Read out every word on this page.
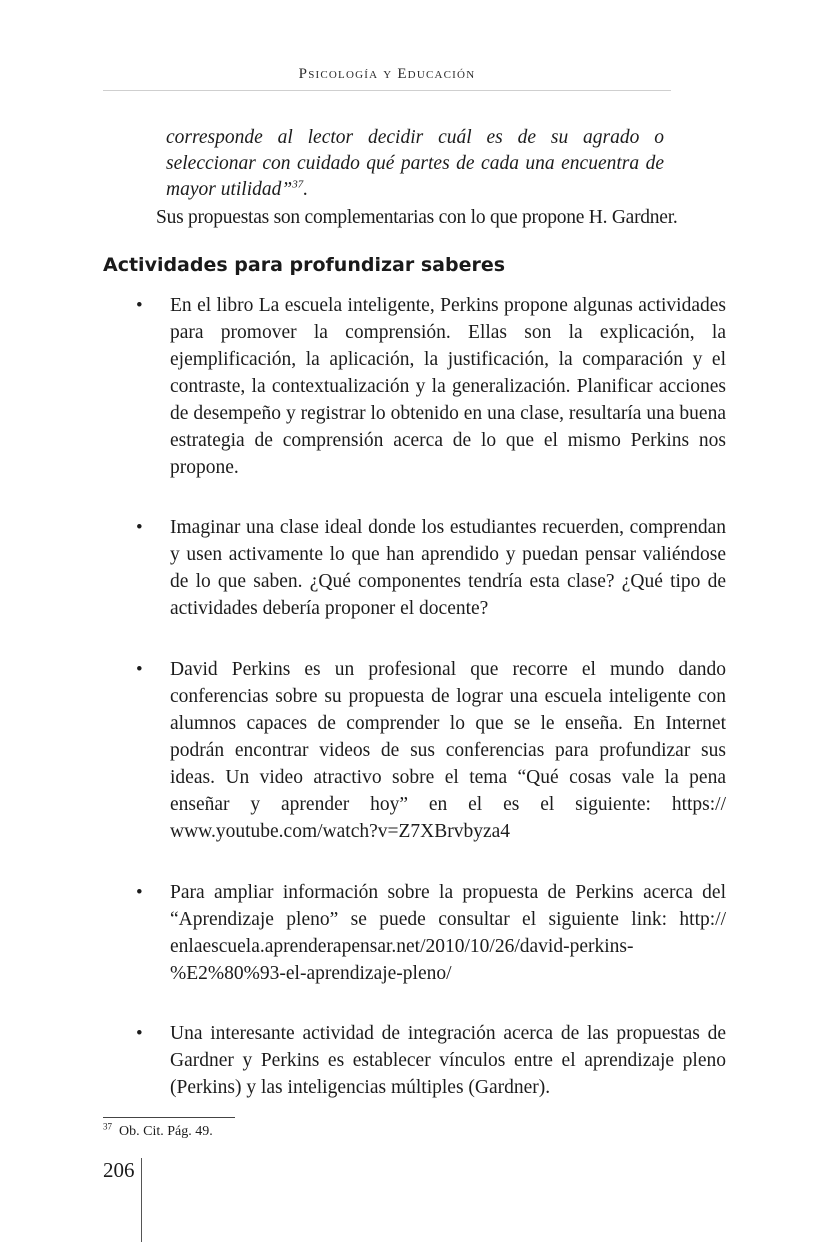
Psicología y Educación
corresponde al lector decidir cuál es de su agrado o seleccionar con cuidado qué partes de cada una encuentra de mayor utilidad”$^{37}$.
Sus propuestas son complementarias con lo que propone H. Gardner.
Actividades para profundizar saberes
• En el libro La escuela inteligente, Perkins propone algunas actividades para promover la comprensión. Ellas son la explicación, la ejemplificación, la aplicación, la justificación, la comparación y el contraste, la contextualización y la generalización. Planificar acciones de desempeño y registrar lo obtenido en una clase, resultaría una buena estrategia de comprensión acerca de lo que el mismo Perkins nos propone.
• Imaginar una clase ideal donde los estudiantes recuerden, comprendan y usen activamente lo que han aprendido y puedan pensar valiéndose de lo que saben. ¿Qué componentes tendría esta clase? ¿Qué tipo de actividades debería proponer el docente?
• David Perkins es un profesional que recorre el mundo dando conferencias sobre su propuesta de lograr una escuela inteligente con alumnos capaces de comprender lo que se le enseña. En Internet podrán encontrar videos de sus conferencias para profundizar sus ideas. Un video atractivo sobre el tema “Qué cosas vale la pena enseñar y aprender hoy” en el es el siguiente: https:// www.youtube.com/watch?v=Z7XBrvbyza4
• Para ampliar información sobre la propuesta de Perkins acerca del “Aprendizaje pleno” se puede consultar el siguiente link: http:// enlaescuela.aprenderapensar.net/2010/10/26/david-perkins-%E2%80%93-el-aprendizaje-pleno/
• Una interesante actividad de integración acerca de las propuestas de Gardner y Perkins es establecer vínculos entre el aprendizaje pleno (Perkins) y las inteligencias múltiples (Gardner).
$^{37}$ Ob. Cit. Pág. 49.
206
